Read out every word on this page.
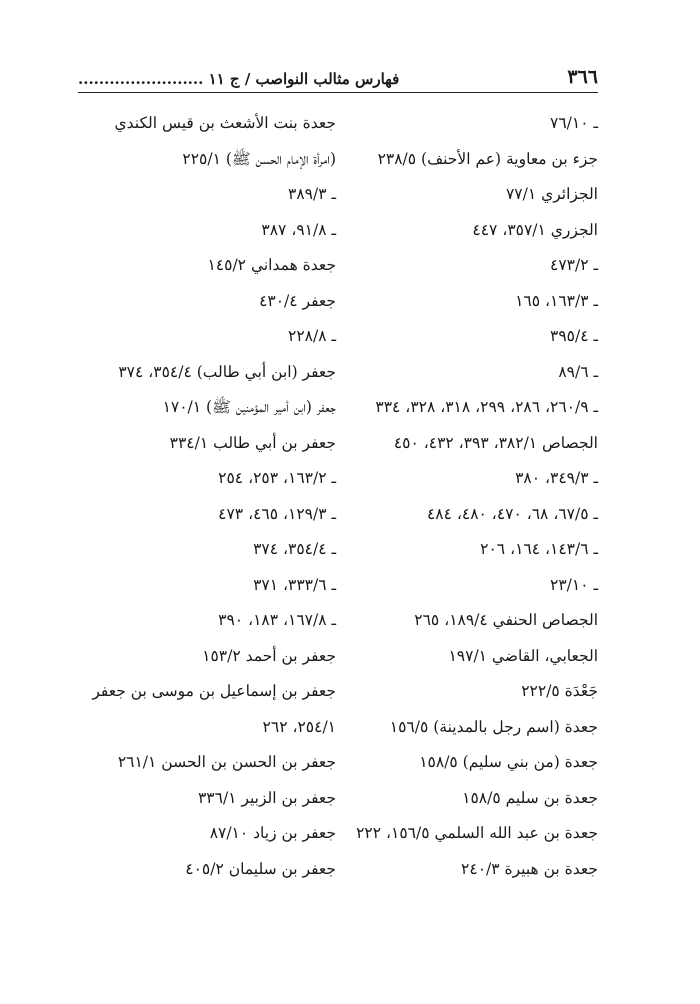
٣٦٦
فهارس مثالب النواصب / ج ١١ ........................
ـ ٧٦/١٠
جزء بن معاوية (عم الأحنف) ٢٣٨/٥
الجزائري ٧٧/١
الجزري ٣٥٧/١، ٤٤٧
ـ ٤٧٣/٢
ـ ١٦٣/٣، ١٦٥
ـ ٣٩٥/٤
ـ ٨٩/٦
ـ ٢٦٠/٩، ٢٨٦، ٢٩٩، ٣١٨، ٣٢٨، ٣٣٤
الجصاص ٣٨٢/١، ٣٩٣، ٤٣٢، ٤٥٠
ـ ٣٤٩/٣، ٣٨٠
ـ ٦٧/٥، ٦٨، ٤٧٠، ٤٨٠، ٤٨٤
ـ ١٤٣/٦، ١٦٤، ٢٠٦
ـ ٢٣/١٠
الجصاص الحنفي ١٨٩/٤، ٢٦٥
الجعابي، القاضي ١٩٧/١
جَعْدَة ٢٢٢/٥
جعدة (اسم رجل بالمدينة) ١٥٦/٥
جعدة (من بني سليم) ١٥٨/٥
جعدة بن سليم ١٥٨/٥
جعدة بن عبد الله السلمي ١٥٦/٥، ٢٢٢
جعدة بن هبيرة ٢٤٠/٣
جعدة بنت الأشعث بن قيس الكندي
(امرأة الإمام الحسن ﷺ) ٢٢٥/١
ـ ٣٨٩/٣
ـ ٩١/٨، ٣٨٧
جعدة همداني ١٤٥/٢
جعفر ٤٣٠/٤
ـ ٢٢٨/٨
جعفر (ابن أبي طالب) ٣٥٤/٤، ٣٧٤
جعفر (ابن أمير المؤمنين ﷺ) ١٧٠/١
جعفر بن أبي طالب ٣٣٤/١
ـ ١٦٣/٢، ٢٥٣، ٢٥٤
ـ ١٢٩/٣، ٤٦٥، ٤٧٣
ـ ٣٥٤/٤، ٣٧٤
ـ ٣٣٣/٦، ٣٧١
ـ ١٦٧/٨، ١٨٣، ٣٩٠
جعفر بن أحمد ١٥٣/٢
جعفر بن إسماعيل بن موسى بن جعفر
٢٥٤/١، ٢٦٢
جعفر بن الحسن بن الحسن ٢٦١/١
جعفر بن الزبير ٣٣٦/١
جعفر بن زياد ٨٧/١٠
جعفر بن سليمان ٤٠٥/٢
